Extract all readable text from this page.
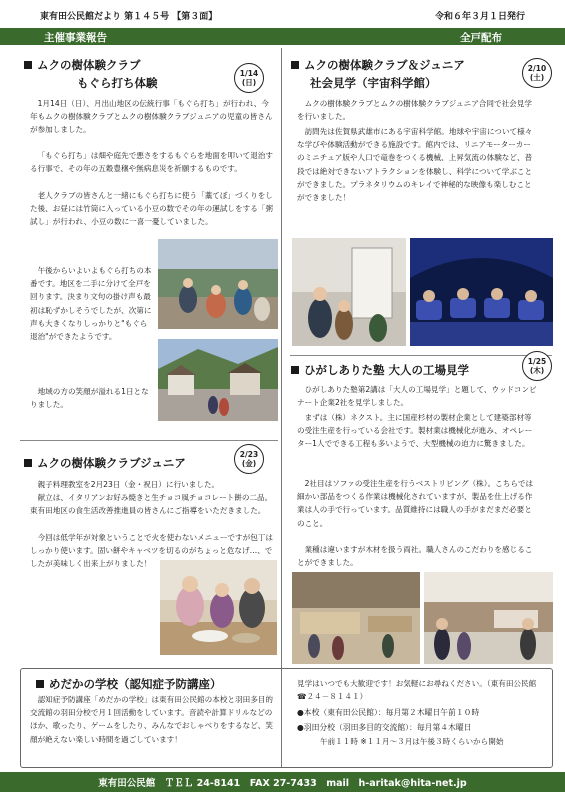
東有田公民館だより 第１４５号 【第３面】	令和６年３月１日発行
主催事業報告	全戸配布
ムクの樹体験クラブ
もぐら打ち体験
1/14
(日)

1月14日（日）、月出山地区の伝統行事「もぐら打ち」が行われ、今年もムクの樹体験クラブとムクの樹体験クラブジュニアの児童の皆さんが参加しました。

「もぐら打ち」は畑や庭先で悪さをするもぐらを地面を叩いて退治する行事で、その年の五穀豊穣や無病息災を祈願するものです。

老人クラブの皆さんと一緒にもぐら打ちに使う「藁てぼ」づくりをした後、お昼には竹筒に入っている小豆の数でその年の運試しをする「粥試し」が行われ、小豆の数に一喜一憂していました。

午後からいよいよもぐら打ちの本番です。地区を二手に分けて全戸を回ります。決まり文句の掛け声も最初は恥ずかしそうでしたが、次第に声も大きくなりしっかりと"もぐら退治"ができたようです。

地域の方の笑顔が溢れる1日となりました。

ムクの樹体験クラブジュニア
2/23
(金)

親子料理教室を2月23日（金・祝日）に行いました。

献立は、イタリアンお好み焼きと生チョコ風チョコレート餅の二品。東有田地区の食生活改善推進員の皆さんにご指導をいただきました。

今回は低学年が対象ということで火を使わないメニューですが包丁はしっかり使います。固い餅やキャベツを切るのがちょっと危なげ…、でしたが美味しく出来上がりました！

ムクの樹体験クラブ＆ジュニア
社会見学（宇宙科学館）
2/10
(土)

ムクの樹体験クラブとムクの樹体験クラブジュニア合同で社会見学を行いました。

訪問先は佐賀県武雄市にある宇宙科学館。地球や宇宙について様々な学びや体験活動ができる施設です。館内では、リニアモーターカーのミニチュア版や人口で竜巻をつくる機械、上昇気流の体験など、普段では絶対できないアトラクションを体験し、科学について学ぶことができました。プラネタリウムのキレイで神秘的な映像も楽しむことができました！

ひがしありた塾 大人の工場見学
1/25
(木)

ひがしありた塾第2講は「大人の工場見学」と題して、ウッドコンビナート企業2社を見学しました。

まずは（株）ネクスト。主に国産杉材の製材企業として建築部材等の受注生産を行っている会社です。製材業は機械化が進み、オペレーター1人でできる工程も多いようで、大型機械の迫力に驚きました。

2社目はソファの受注生産を行うベストリビング（株）。こちらでは細かい部品をつくる作業は機械化されていますが、製品を仕上げる作業は人の手で行っています。品質維持には職人の手がまだまだ必要とのこと。

業種は違いますが木材を扱う両社。職人さんのこだわりを感じることができました。

めだかの学校（認知症予防講座）

認知症予防講座「めだかの学校」は東有田公民館の本校と羽田多目的交流館の羽田分校で月１回活動をしています。音読や計算ドリルなどのほか、歌ったり、ゲームをしたり、みんなでおしゃべりをするなど、笑顔が絶えない楽しい時間を過ごしています！

見学はいつでも大歓迎です！お気軽にお尋ねください。（東有田公民館 ☎２４－８１４１）

●本校（東有田公民館）：毎月第２木曜日午前１０時
●羽田分校（羽田多目的交流館）：毎月第４木曜日

午前１１時 ※１１月～３月は午後３時くらいから開始

東有田公民館　ＴＥＬ 24-8141　FAX 27-7433　mail　h-aritak@hita-net.jp
